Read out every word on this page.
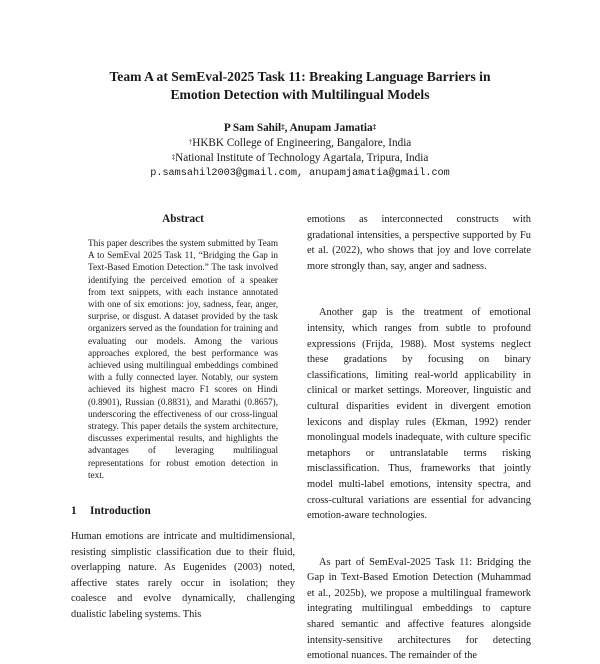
Team A at SemEval-2025 Task 11: Breaking Language Barriers in
Emotion Detection with Multilingual Models
P Sam Sahil‡, Anupam Jamatia‡
†HKBK College of Engineering, Bangalore, India
‡National Institute of Technology Agartala, Tripura, India
p.samsahil2003@gmail.com, anupamjamatia@gmail.com
Abstract
This paper describes the system submitted by Team A to SemEval 2025 Task 11, “Bridging the Gap in Text-Based Emotion Detection.” The task involved identifying the perceived emotion of a speaker from text snippets, with each instance annotated with one of six emotions: joy, sadness, fear, anger, surprise, or disgust. A dataset provided by the task organizers served as the foundation for training and evaluating our models. Among the various approaches explored, the best performance was achieved using multilingual embeddings combined with a fully connected layer. Notably, our system achieved its highest macro F1 scores on Hindi (0.8901), Russian (0.8831), and Marathi (0.8657), underscoring the effectiveness of our cross-lingual strategy. This paper details the system architecture, discusses experimental results, and highlights the advantages of leveraging multilingual representations for robust emotion detection in text.
1 Introduction
Human emotions are intricate and multidimensional, resisting simplistic classification due to their fluid, overlapping nature. As Eugenides (2003) noted, affective states rarely occur in isolation; they coalesce and evolve dynamically, challenging dualistic labeling systems. This

emotions as interconnected constructs with gradational intensities, a perspective supported by Fu et al. (2022), who shows that joy and love correlate more strongly than, say, anger and sadness.

Another gap is the treatment of emotional intensity, which ranges from subtle to profound expressions (Frijda, 1988). Most systems neglect these gradations by focusing on binary classifications, limiting real-world applicability in clinical or market settings. Moreover, linguistic and cultural disparities evident in divergent emotion lexicons and display rules (Ekman, 1992) render monolingual models inadequate, with culture specific metaphors or untranslatable terms risking misclassification. Thus, frameworks that jointly model multi-label emotions, intensity spectra, and cross-cultural variations are essential for advancing emotion-aware technologies.

As part of SemEval-2025 Task 11: Bridging the Gap in Text-Based Emotion Detection (Muhammad et al., 2025b), we propose a multilingual framework integrating multilingual embeddings to capture shared semantic and affective features alongside intensity-sensitive architectures for detecting emotional nuances. The remainder of the
